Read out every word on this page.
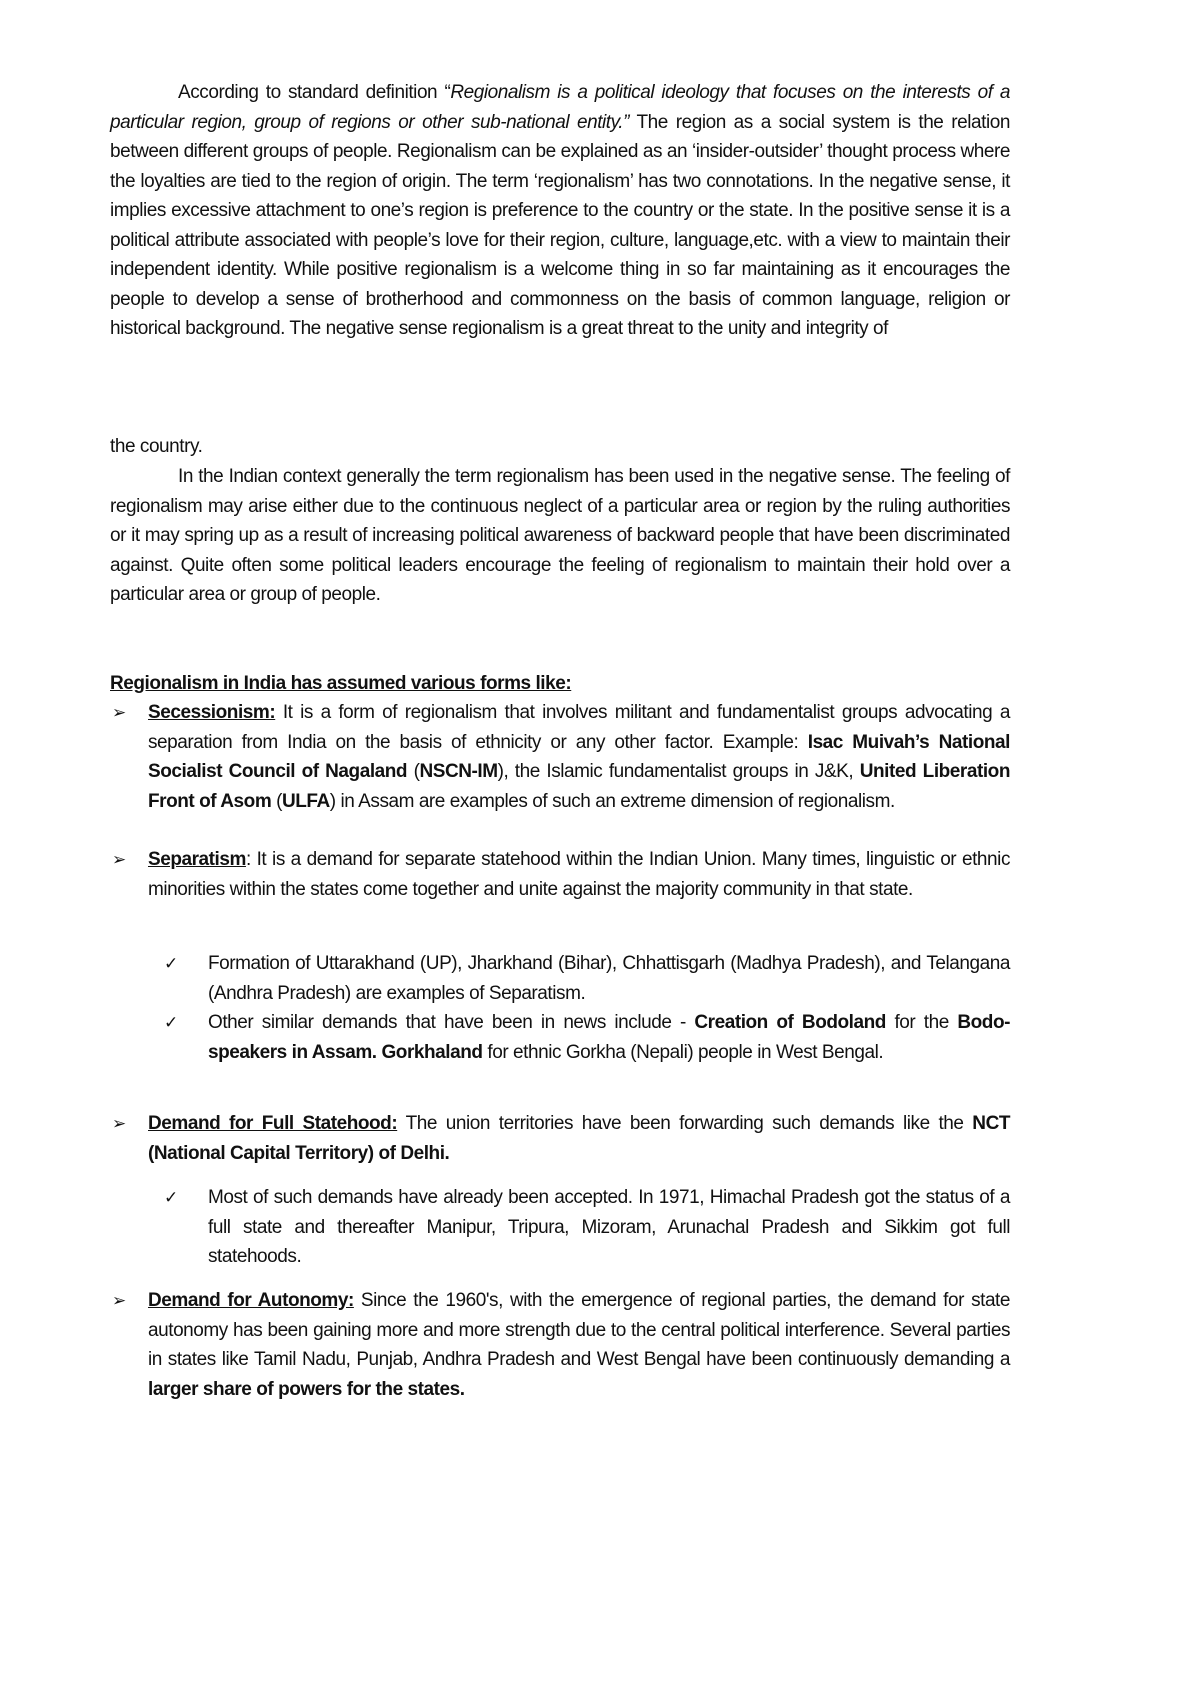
According to standard definition “Regionalism is a political ideology that focuses on the interests of a particular region, group of regions or other sub-national entity.” The region as a social system is the relation between different groups of people. Regionalism can be explained as an ‘insider-outsider’ thought process where the loyalties are tied to the region of origin. The term ‘regionalism’ has two connotations. In the negative sense, it implies excessive attachment to one’s region is preference to the country or the state. In the positive sense it is a political attribute associated with people’s love for their region, culture, language,etc. with a view to maintain their independent identity. While positive regionalism is a welcome thing in so far maintaining as it encourages the people to develop a sense of brotherhood and commonness on the basis of common language, religion or historical background. The negative sense regionalism is a great threat to the unity and integrity of
the country.
In the Indian context generally the term regionalism has been used in the negative sense. The feeling of regionalism may arise either due to the continuous neglect of a particular area or region by the ruling authorities or it may spring up as a result of increasing political awareness of backward people that have been discriminated against. Quite often some political leaders encourage the feeling of regionalism to maintain their hold over a particular area or group of people.
Regionalism in India has assumed various forms like:
➢ Secessionism: It is a form of regionalism that involves militant and fundamentalist groups advocating a separation from India on the basis of ethnicity or any other factor. Example: Isac Muivah’s National Socialist Council of Nagaland (NSCN-IM), the Islamic fundamentalist groups in J&K, United Liberation Front of Asom (ULFA) in Assam are examples of such an extreme dimension of regionalism.
➢ Separatism: It is a demand for separate statehood within the Indian Union. Many times, linguistic or ethnic minorities within the states come together and unite against the majority community in that state.
✓ Formation of Uttarakhand (UP), Jharkhand (Bihar), Chhattisgarh (Madhya Pradesh), and Telangana (Andhra Pradesh) are examples of Separatism.
✓ Other similar demands that have been in news include - Creation of Bodoland for the Bodo-speakers in Assam. Gorkhaland for ethnic Gorkha (Nepali) people in West Bengal.
➢ Demand for Full Statehood: The union territories have been forwarding such demands like the NCT (National Capital Territory) of Delhi.
✓ Most of such demands have already been accepted. In 1971, Himachal Pradesh got the status of a full state and thereafter Manipur, Tripura, Mizoram, Arunachal Pradesh and Sikkim got full statehoods.
➢ Demand for Autonomy: Since the 1960's, with the emergence of regional parties, the demand for state autonomy has been gaining more and more strength due to the central political interference. Several parties in states like Tamil Nadu, Punjab, Andhra Pradesh and West Bengal have been continuously demanding a larger share of powers for the states.
